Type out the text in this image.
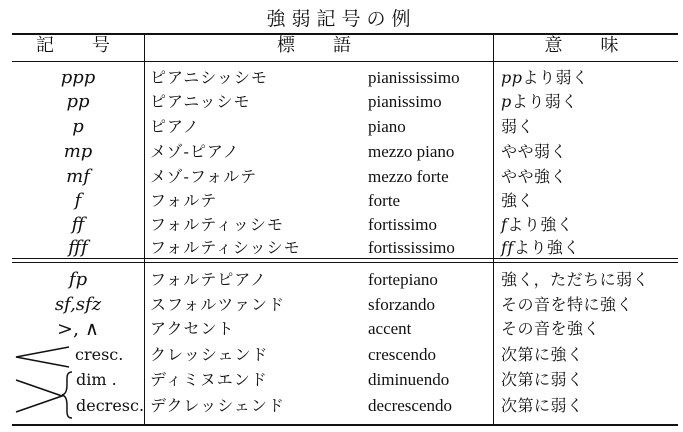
強弱記号の例
記　号	標　語	意　味
ppp	ピアニシッシモ	pianississimo	ppより弱く
pp	ピアニッシモ	pianissimo	pより弱く
p	ピアノ	piano	弱く
mp	メゾ-ピアノ	mezzo piano	やや弱く
mf	メゾ-フォルテ	mezzo forte	やや強く
f	フォルテ	forte	強く
ff	フォルティッシモ	fortissimo	fより強く
fff	フォルティシッシモ	fortississimo	ffより強く
fp	フォルテピアノ	fortepiano	強く，ただちに弱く
sf,sfz	スフォルツァンド	sforzando	その音を特に強く
>, ∧	アクセント	accent	その音を強く
cresc. クレッシェンド	crescendo	次第に強く
dim . ディミヌエンド	diminuendo	次第に弱く
decresc. デクレッシェンド	decrescendo	次第に弱く
